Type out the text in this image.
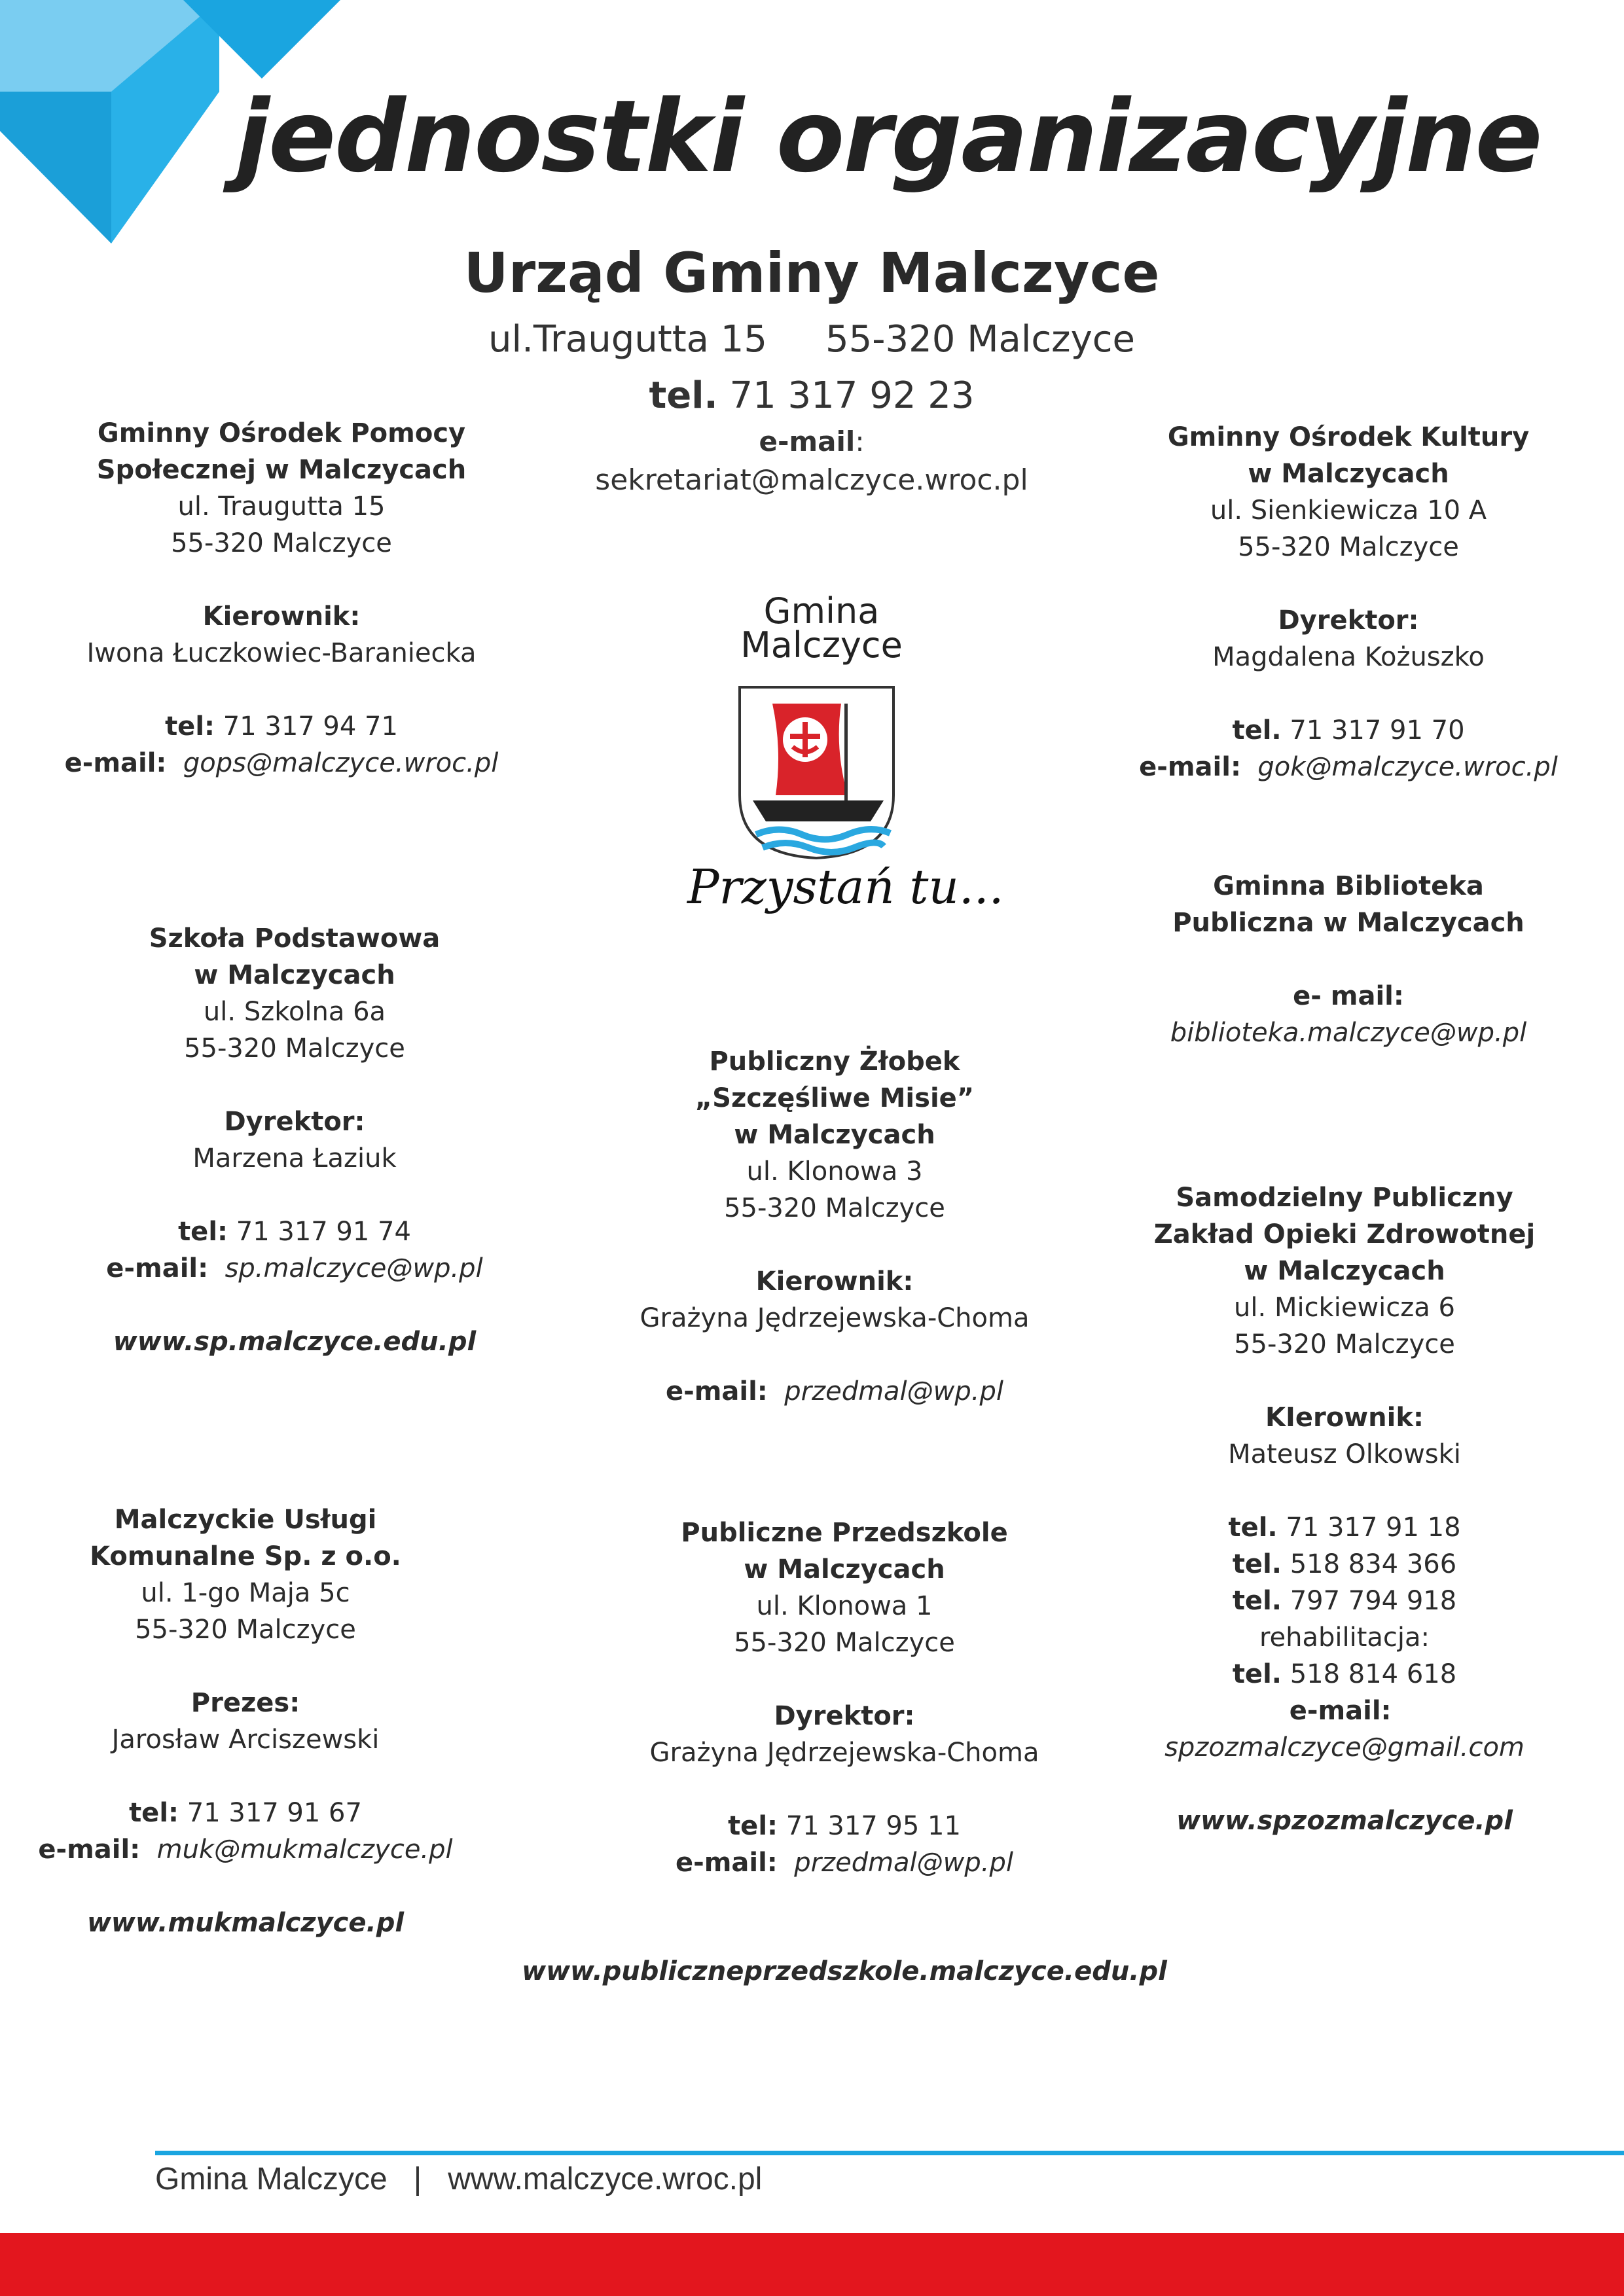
jednostki organizacyjne
Urząd Gminy Malczyce
ul.Traugutta 15     55-320 Malczyce
tel. 71 317 92 23
e-mail:
sekretariat@malczyce.wroc.pl
Gminny Ośrodek Pomocy
Społecznej w Malczycach
ul. Traugutta 15
55-320 Malczyce
Kierownik:
Iwona Łuczkowiec-Baraniecka
tel: 71 317 94 71
e-mail: gops@malczyce.wroc.pl
Gminny Ośrodek Kultury
w Malczycach
ul. Sienkiewicza 10 A
55-320 Malczyce
Dyrektor:
Magdalena Kożuszko
tel. 71 317 91 70
e-mail: gok@malczyce.wroc.pl
Gmina
Malczyce
Przystań tu...	Gminna Biblioteka
Publiczna w Malczycach
e- mail: biblioteka.malczyce@wp.pl
Szkoła Podstawowa
w Malczycach
ul. Szkolna 6a
55-320 Malczyce
Dyrektor:
Marzena Łaziuk
tel: 71 317 91 74
e-mail: sp.malczyce@wp.pl
www.sp.malczyce.edu.pl
Publiczny Żłobek
„Szczęśliwe Misie”
w Malczycach
ul. Klonowa 3
55-320 Malczyce
Kierownik:
Grażyna Jędrzejewska-Choma
e-mail: przedmal@wp.pl
Samodzielny Publiczny
Zakład Opieki Zdrowotnej
w Malczycach
ul. Mickiewicza 6
55-320 Malczyce
KIerownik:
Mateusz Olkowski
tel. 71 317 91 18
tel. 518 834 366
tel. 797 794 918
rehabilitacja:
tel. 518 814 618
e-mail:  spzozmalczyce@gmail.com
www.spzozmalczyce.pl
Malczyckie Usługi
Komunalne Sp. z o.o.
ul. 1-go Maja 5c
55-320 Malczyce
Prezes:
Jarosław Arciszewski
tel: 71 317 91 67
e-mail: muk@mukmalczyce.pl
www.mukmalczyce.pl
Publiczne Przedszkole
w Malczycach
ul. Klonowa 1
55-320 Malczyce
Dyrektor:
Grażyna Jędrzejewska-Choma
tel: 71 317 95 11
e-mail: przedmal@wp.pl
www.publiczneprzedszkole.malczyce.edu.pl
Gmina Malczyce | www.malczyce.wroc.pl
